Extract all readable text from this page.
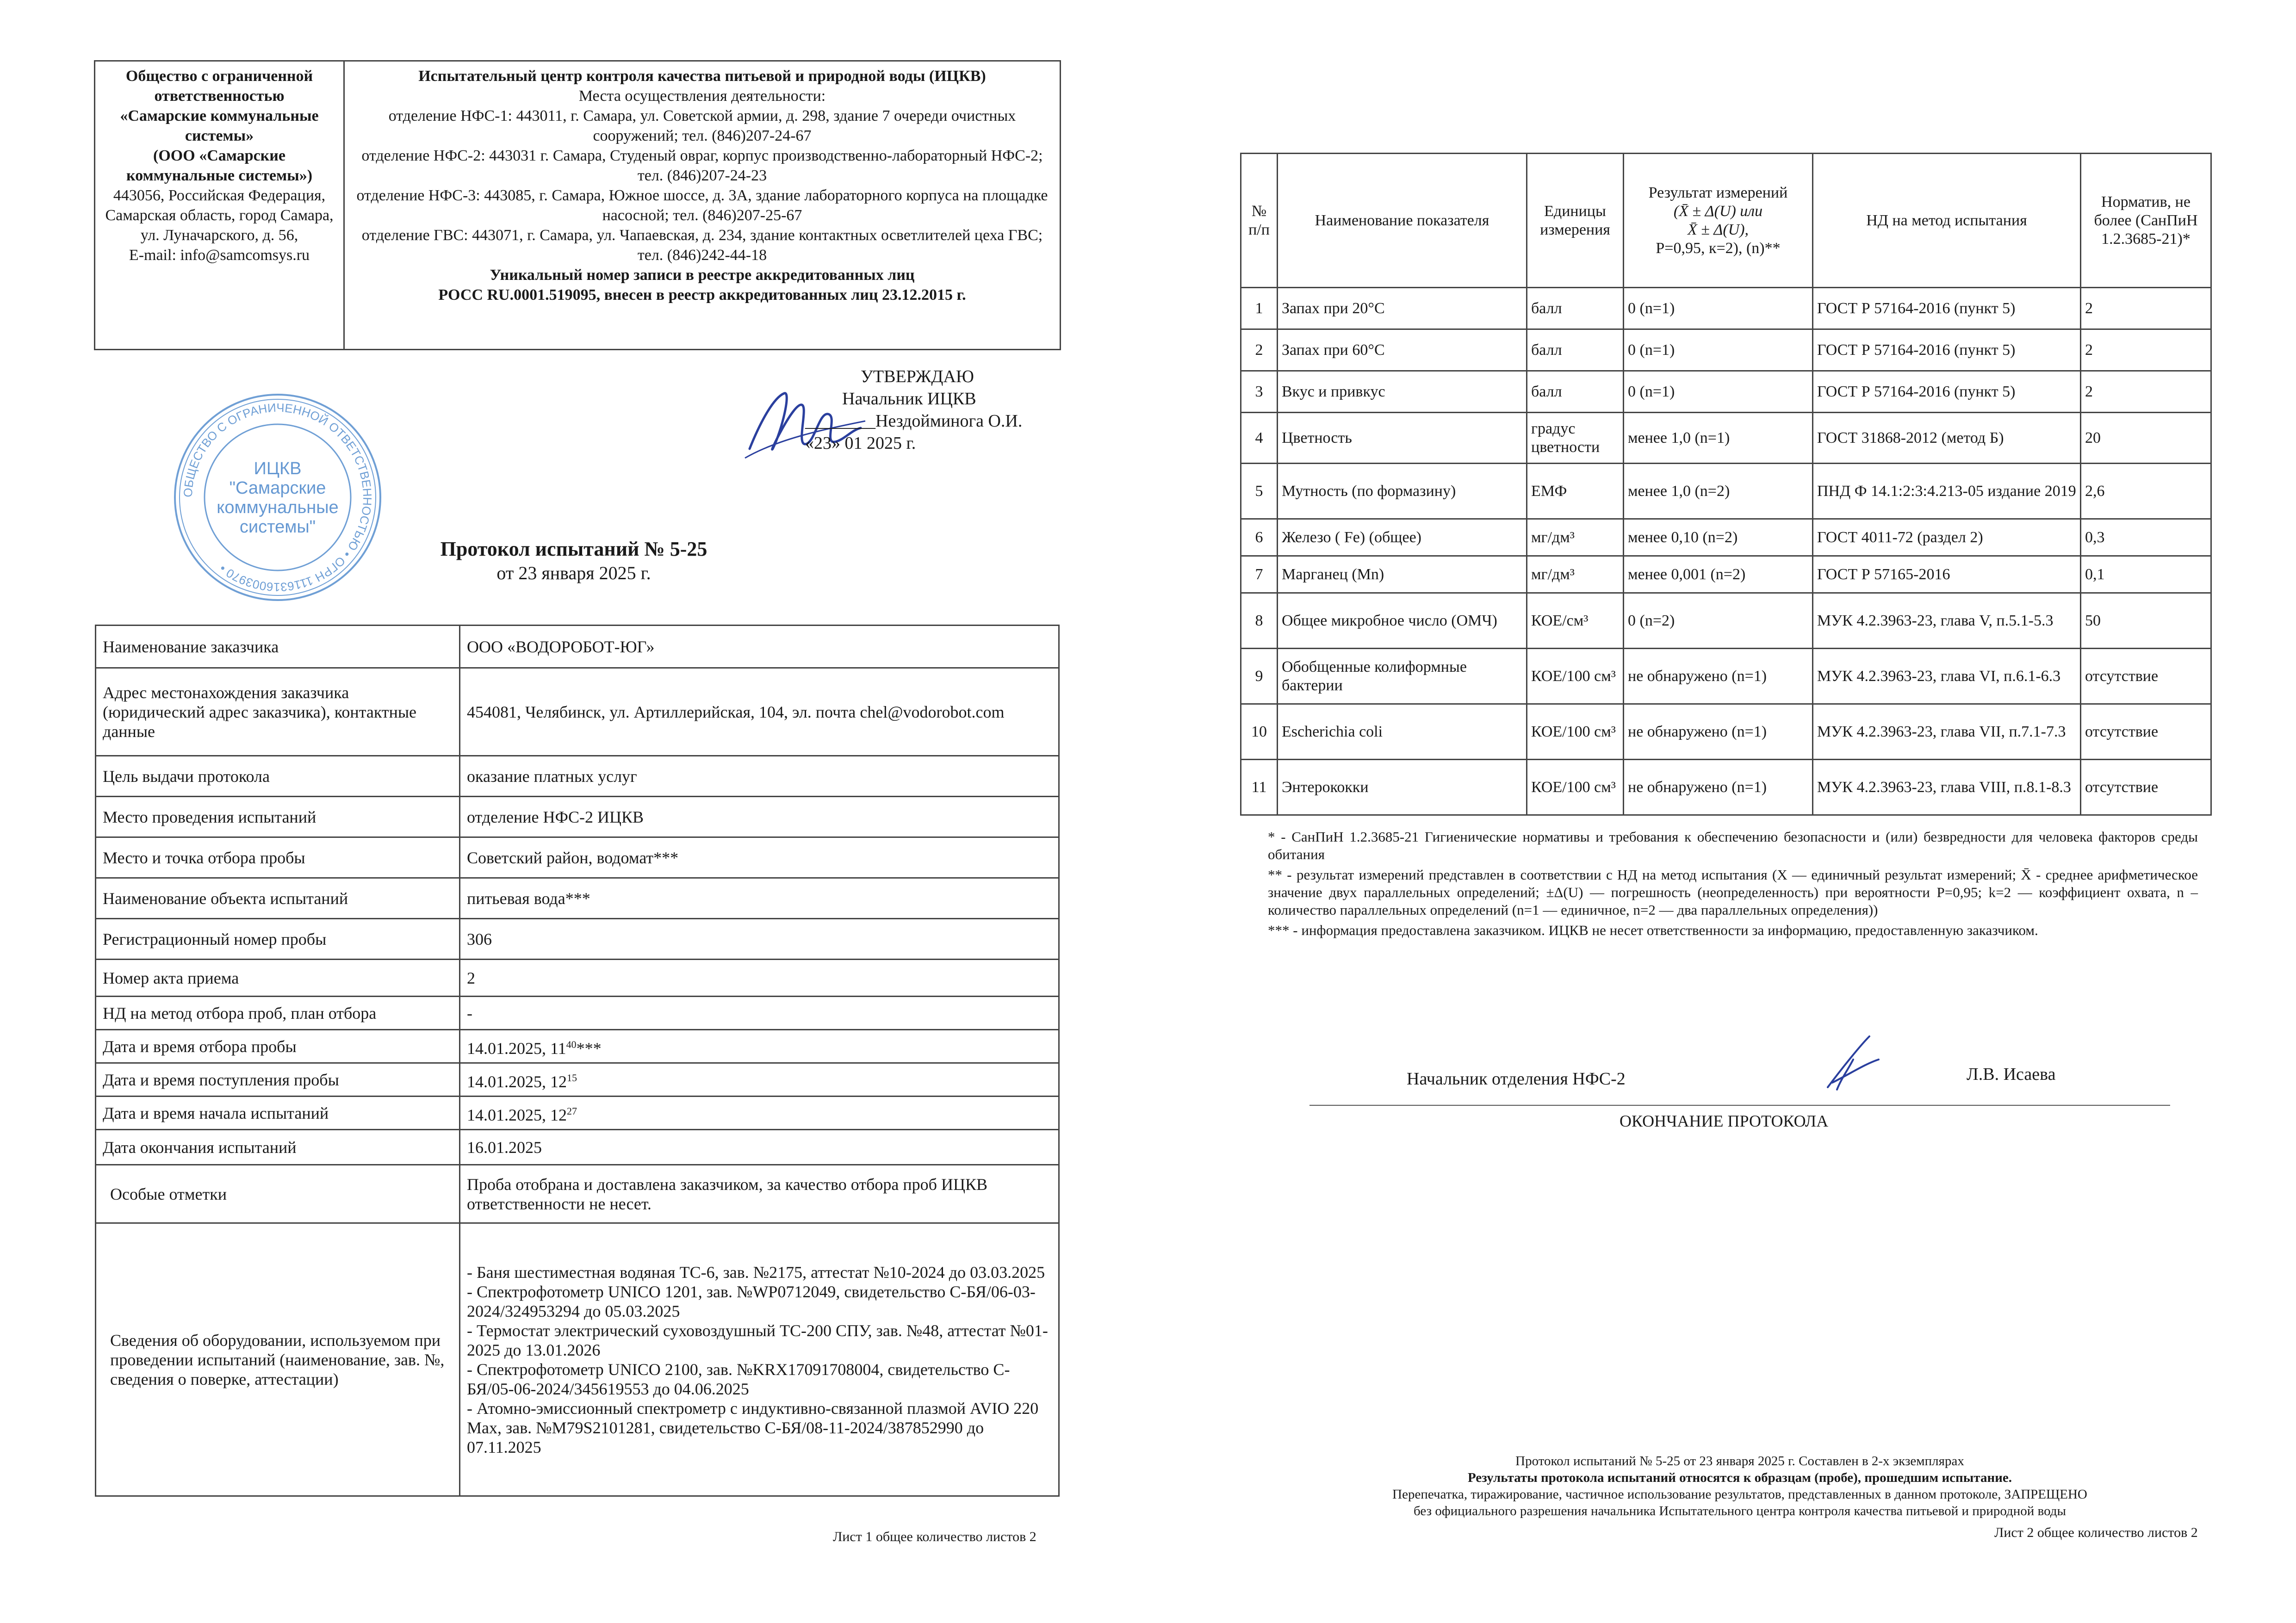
Общество с ограниченной ответственностью
«Самарские коммунальные системы»
(ООО «Самарские коммунальные системы»)
443056, Российская Федерация, Самарская область, город Самара, ул. Луначарского, д. 56,
E-mail: info@samcomsys.ru

Испытательный центр контроля качества питьевой и природной воды (ИЦКВ)
Места осуществления деятельности:
отделение НФС-1: 443011, г. Самара, ул. Советской армии, д. 298, здание 7 очереди очистных сооружений; тел. (846)207-24-67
отделение НФС-2: 443031 г. Самара, Студеный овраг, корпус производственно-лабораторный НФС-2; тел. (846)207-24-23
отделение НФС-3: 443085, г. Самара, Южное шоссе, д. 3А, здание лабораторного корпуса на площадке насосной; тел. (846)207-25-67
отделение ГВС: 443071, г. Самара, ул. Чапаевская, д. 234, здание контактных осветлителей цеха ГВС; тел. (846)242-44-18
Уникальный номер записи в реестре аккредитованных лиц
РОСС RU.0001.519095, внесен в реестр аккредитованных лиц 23.12.2015 г.
ОБЩЕСТВО С ОГРАНИЧЕННОЙ ОТВЕТСТВЕННОСТЬЮ • ОГРН 1116316003970 •
ИЦКВ
"Самарские
коммунальные
системы"
УТВЕРЖДАЮ
Начальник ИЦКВ
________Нездойминога О.И.
«23» 01 2025 г.
Протокол испытаний № 5-25
от 23 января 2025 г.
Наименование заказчика	ООО «ВОДОРОБОТ-ЮГ»
Адрес местонахождения заказчика (юридический адрес заказчика), контактные данные	454081, Челябинск, ул. Артиллерийская, 104, эл. почта chel@vodorobot.com
Цель выдачи протокола	оказание платных услуг
Место проведения испытаний	отделение НФС-2 ИЦКВ
Место и точка отбора пробы	Советский район, водомат***
Наименование объекта испытаний	питьевая вода***
Регистрационный номер пробы	306
Номер акта приема	2
НД на метод отбора проб, план отбора	-
Дата и время отбора пробы	14.01.2025, $11^{40}***$
Дата и время поступления пробы	14.01.2025, $12^{15}$
Дата и время начала испытаний	14.01.2025, $12^{27}$
Дата окончания испытаний	16.01.2025
Особые отметки	Проба отобрана и доставлена заказчиком, за качество отбора проб ИЦКВ ответственности не несет.
Сведения об оборудовании, используемом при проведении испытаний (наименование, зав. №, сведения о поверке, аттестации)	- Баня шестиместная водяная ТС-6, зав. №2175, аттестат №10-2024 до 03.03.2025
- Спектрофотометр UNICO 1201, зав. №WP0712049, свидетельство С-БЯ/06-03-2024/324953294 до 05.03.2025
- Термостат электрический суховоздушный ТС-200 СПУ, зав. №48, аттестат №01-2025 до 13.01.2026
- Спектрофотометр UNICO 2100, зав. №KRX17091708004, свидетельство С-БЯ/05-06-2024/345619553 до 04.06.2025
- Атомно-эмиссионный спектрометр с индуктивно-связанной плазмой AVIO 220 Max, зав. №M79S2101281, свидетельство С-БЯ/08-11-2024/387852990 до 07.11.2025
Лист 1 общее количество листов 2
№ п/п	Наименование показателя	Единицы измерения	Результат измерений
(X̄ ± Δ(U) или
X̄ ± Δ(U),
Р=0,95, к=2), (n)**	НД на метод испытания	Норматив, не более (СанПиН 1.2.3685-21)*
1	Запах при 20°С	балл	0 (n=1)	ГОСТ Р 57164-2016 (пункт 5)	2
2	Запах при 60°С	балл	0 (n=1)	ГОСТ Р 57164-2016 (пункт 5)	2
3	Вкус и привкус	балл	0 (n=1)	ГОСТ Р 57164-2016 (пункт 5)	2
4	Цветность	градус цветности	менее 1,0 (n=1)	ГОСТ 31868-2012 (метод Б)	20
5	Мутность (по формазину)	ЕМФ	менее 1,0 (n=2)	ПНД Ф 14.1:2:3:4.213-05 издание 2019	2,6
6	Железо ( Fe) (общее)	мг/дм³	менее 0,10 (n=2)	ГОСТ 4011-72 (раздел 2)	0,3
7	Марганец (Mn)	мг/дм³	менее 0,001 (n=2)	ГОСТ Р 57165-2016	0,1
8	Общее микробное число (ОМЧ)	КОЕ/см³	0 (n=2)	МУК 4.2.3963-23, глава V, п.5.1-5.3	50
9	Обобщенные колиформные бактерии	КОЕ/100 см³	не обнаружено (n=1)	МУК 4.2.3963-23, глава VI, п.6.1-6.3	отсутствие
10	Escherichia coli	КОЕ/100 см³	не обнаружено (n=1)	МУК 4.2.3963-23, глава VII, п.7.1-7.3	отсутствие
11	Энтерококки	КОЕ/100 см³	не обнаружено (n=1)	МУК 4.2.3963-23, глава VIII, п.8.1-8.3	отсутствие

* - СанПиН 1.2.3685-21 Гигиенические нормативы и требования к обеспечению безопасности и (или) безвредности для человека факторов среды обитания

** - результат измерений представлен в соответствии с НД на метод испытания (X — единичный результат измерений; X̄ - среднее арифметическое значение двух параллельных определений; ±Δ(U) — погрешность (неопределенность) при вероятности Р=0,95; k=2 — коэффициент охвата, n – количество параллельных определений (n=1 — единичное, n=2 — два параллельных определения))

*** - информация предоставлена заказчиком. ИЦКВ не несет ответственности за информацию, предоставленную заказчиком.

Начальник отделения НФС-2	Л.В. Исаева
ОКОНЧАНИЕ ПРОТОКОЛА
Протокол испытаний № 5-25 от 23 января 2025 г. Составлен в 2-х экземплярах
Результаты протокола испытаний относятся к образцам (пробе), прошедшим испытание.
Перепечатка, тиражирование, частичное использование результатов, представленных в данном протоколе, ЗАПРЕЩЕНО
без официального разрешения начальника Испытательного центра контроля качества питьевой и природной воды
Лист 2 общее количество листов 2
